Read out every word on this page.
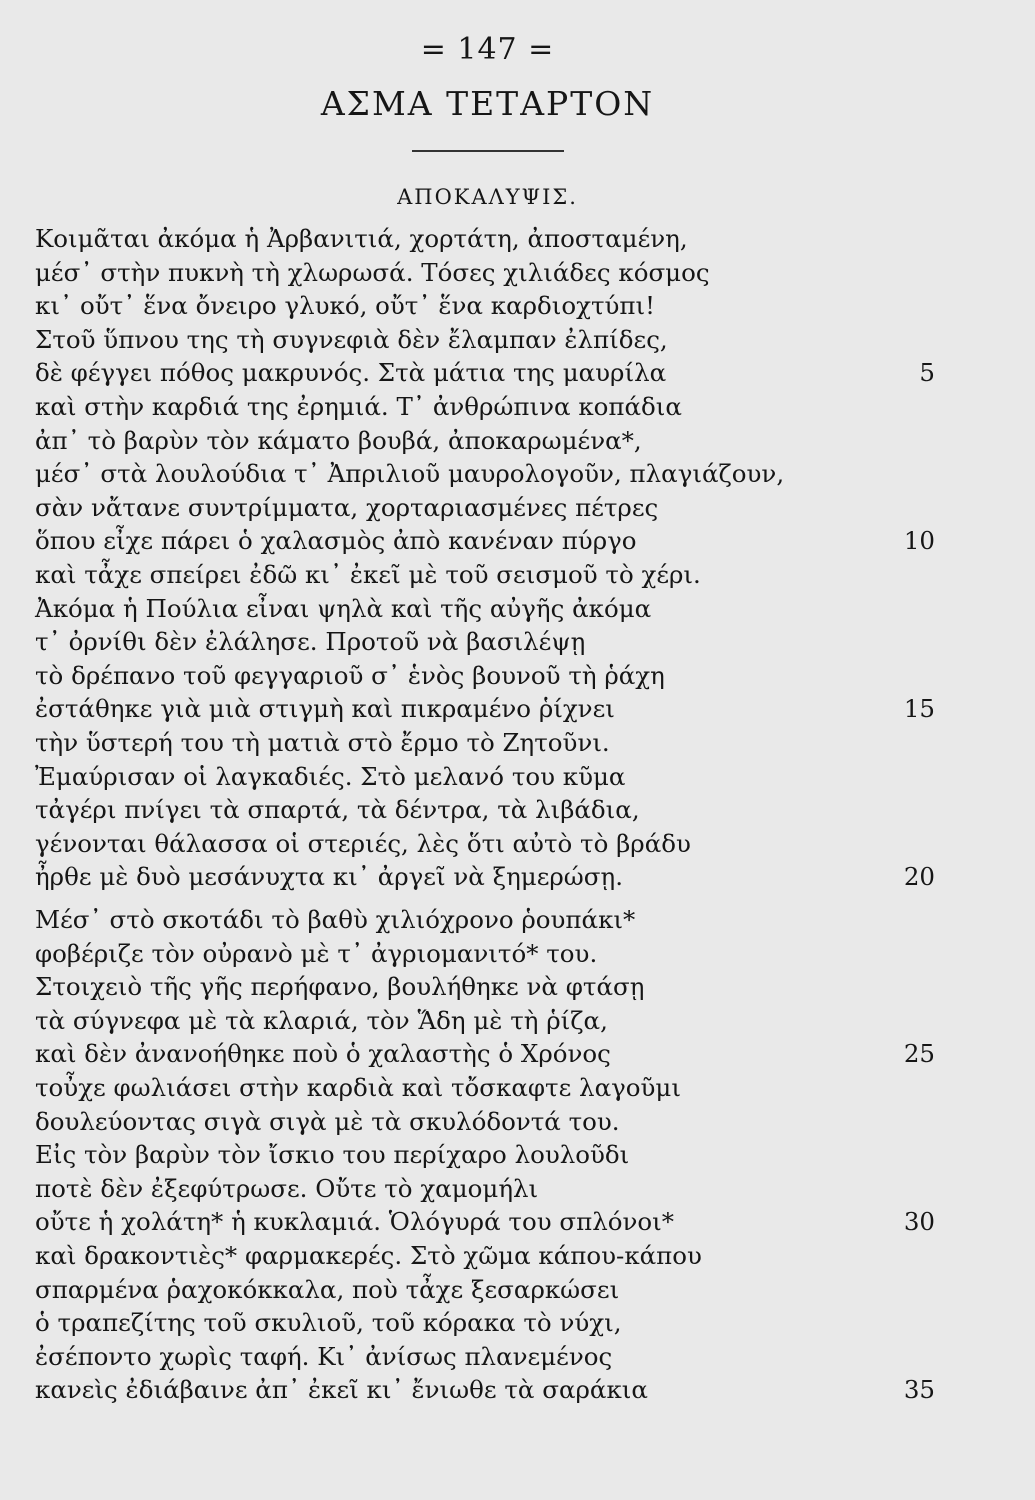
= 147 =
ΑΣΜΑ ΤΕΤΑΡΤΟΝ
ΑΠΟΚΑΛΥΨΙΣ.
Κοιμᾶται ἀκόμα ἡ Ἀρβανιτιά, χορτάτη, ἀποσταμένη,
μέσ᾽ στὴν πυκνὴ τὴ χλωρωσά. Τόσες χιλιάδες κόσμος
κι᾽ οὔτ᾽ ἕνα ὄνειρο γλυκό, οὔτ᾽ ἕνα καρδιοχτύπι!
Στοῦ ὕπνου της τὴ συγνεφιὰ δὲν ἔλαμπαν ἐλπίδες,
δὲ φέγγει πόθος μακρυνός. Στὰ μάτια της μαυρίλα	5
καὶ στὴν καρδιά της ἐρημιά. Τ᾽ ἀνθρώπινα κοπάδια
ἀπ᾽ τὸ βαρὺν τὸν κάματο βουβά, ἀποκαρωμένα*,
μέσ᾽ στὰ λουλούδια τ᾽ Ἀπριλιοῦ μαυρολογοῦν, πλαγιάζουν,
σὰν νἄτανε συντρίμματα, χορταριασμένες πέτρες
ὅπου εἶχε πάρει ὁ χαλασμὸς ἀπὸ κανέναν πύργο	10
καὶ τἆχε σπείρει ἐδῶ κι᾽ ἐκεῖ μὲ τοῦ σεισμοῦ τὸ χέρι.
Ἀκόμα ἡ Πούλια εἶναι ψηλὰ καὶ τῆς αὐγῆς ἀκόμα
τ᾽ ὀρνίθι δὲν ἐλάλησε. Προτοῦ νὰ βασιλέψῃ
τὸ δρέπανο τοῦ φεγγαριοῦ σ᾽ ἑνὸς βουνοῦ τὴ ῥάχη
ἐστάθηκε γιὰ μιὰ στιγμὴ καὶ πικραμένο ῥίχνει	15
τὴν ὕστερή του τὴ ματιὰ στὸ ἔρμο τὸ Ζητοῦνι.
Ἐμαύρισαν οἱ λαγκαδιές. Στὸ μελανό του κῦμα
τἀγέρι πνίγει τὰ σπαρτά, τὰ δέντρα, τὰ λιβάδια,
γένονται θάλασσα οἱ στεριές, λὲς ὅτι αὐτὸ τὸ βράδυ
ἦρθε μὲ δυὸ μεσάνυχτα κι᾽ ἀργεῖ νὰ ξημερώσῃ.	20
Μέσ᾽ στὸ σκοτάδι τὸ βαθὺ χιλιόχρονο ῥουπάκι*
φοβέριζε τὸν οὐρανὸ μὲ τ᾽ ἀγριομανιτό* του.
Στοιχειὸ τῆς γῆς περήφανο, βουλήθηκε νὰ φτάσῃ
τὰ σύγνεφα μὲ τὰ κλαριά, τὸν Ἅδη μὲ τὴ ῥίζα,
καὶ δὲν ἀνανοήθηκε ποὺ ὁ χαλαστὴς ὁ Χρόνος	25
τοὖχε φωλιάσει στὴν καρδιὰ καὶ τὄσκαφτε λαγοῦμι
δουλεύοντας σιγὰ σιγὰ μὲ τὰ σκυλόδοντά του.
Εἰς τὸν βαρὺν τὸν ἴσκιο του περίχαρο λουλοῦδι
ποτὲ δὲν ἐξεφύτρωσε. Οὔτε τὸ χαμομήλι
οὔτε ἡ χολάτη* ἡ κυκλαμιά. Ὁλόγυρά του σπλόνοι*	30
καὶ δρακοντιὲς* φαρμακερές. Στὸ χῶμα κάπου-κάπου
σπαρμένα ῥαχοκόκκαλα, ποὺ τἆχε ξεσαρκώσει
ὁ τραπεζίτης τοῦ σκυλιοῦ, τοῦ κόρακα τὸ νύχι,
ἐσέποντο χωρὶς ταφή. Κι᾽ ἀνίσως πλανεμένος
κανεὶς ἐδιάβαινε ἀπ᾽ ἐκεῖ κι᾽ ἔνιωθε τὰ σαράκια	35
